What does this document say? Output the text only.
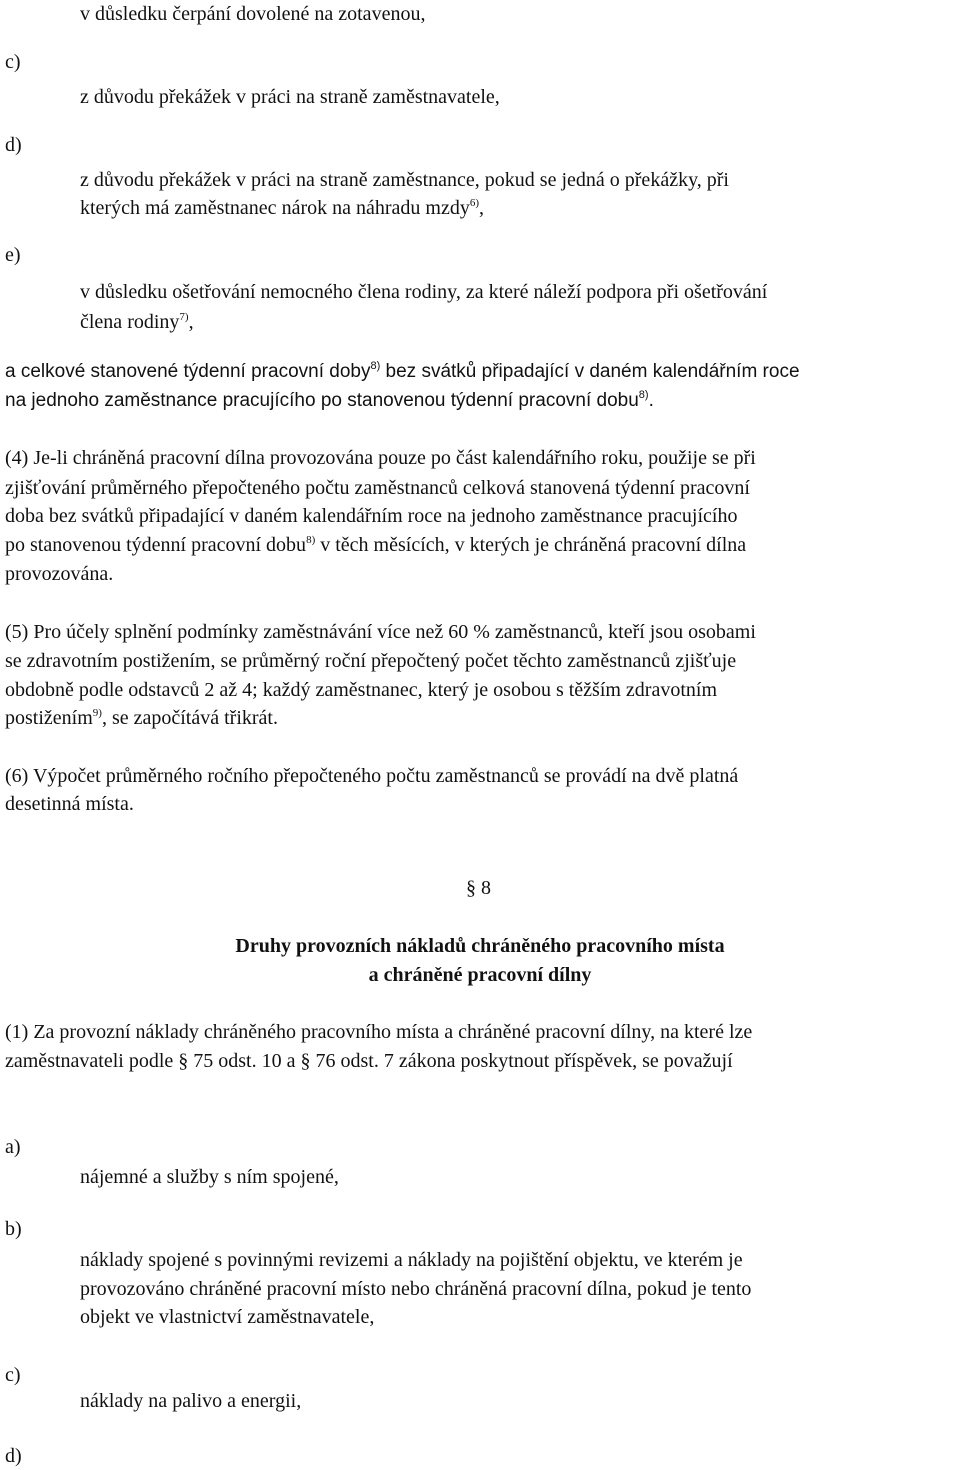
v důsledku čerpání dovolené na zotavenou,
c)
z důvodu překážek v práci na straně zaměstnavatele,
d)
z důvodu překážek v práci na straně zaměstnance, pokud se jedná o překážky, při
kterých má zaměstnanec nárok na náhradu mzdy$^{6)}$,
e)
v důsledku ošetřování nemocného člena rodiny, za které náleží podpora při ošetřování
člena rodiny$^{7)}$,
a celkové stanovené týdenní pracovní doby$^{8)}$ bez svátků připadající v daném kalendářním roce
na jednoho zaměstnance pracujícího po stanovenou týdenní pracovní dobu$^{8)}$.
(4) Je-li chráněná pracovní dílna provozována pouze po část kalendářního roku, použije se při
zjišťování průměrného přepočteného počtu zaměstnanců celková stanovená týdenní pracovní
doba bez svátků připadající v daném kalendářním roce na jednoho zaměstnance pracujícího
po stanovenou týdenní pracovní dobu$^{8)}$ v těch měsících, v kterých je chráněná pracovní dílna
provozována.
(5) Pro účely splnění podmínky zaměstnávání více než 60 % zaměstnanců, kteří jsou osobami
se zdravotním postižením, se průměrný roční přepočtený počet těchto zaměstnanců zjišťuje
obdobně podle odstavců 2 až 4; každý zaměstnanec, který je osobou s těžším zdravotním
postižením$^{9)}$, se započítává třikrát.
(6) Výpočet průměrného ročního přepočteného počtu zaměstnanců se provádí na dvě platná
desetinná místa.
§ 8
Druhy provozních nákladů chráněného pracovního místa
a chráněné pracovní dílny
(1) Za provozní náklady chráněného pracovního místa a chráněné pracovní dílny, na které lze
zaměstnavateli podle § 75 odst. 10 a § 76 odst. 7 zákona poskytnout příspěvek, se považují
a)
nájemné a služby s ním spojené,
b)
náklady spojené s povinnými revizemi a náklady na pojištění objektu, ve kterém je
provozováno chráněné pracovní místo nebo chráněná pracovní dílna, pokud je tento
objekt ve vlastnictví zaměstnavatele,
c)
náklady na palivo a energii,
d)
